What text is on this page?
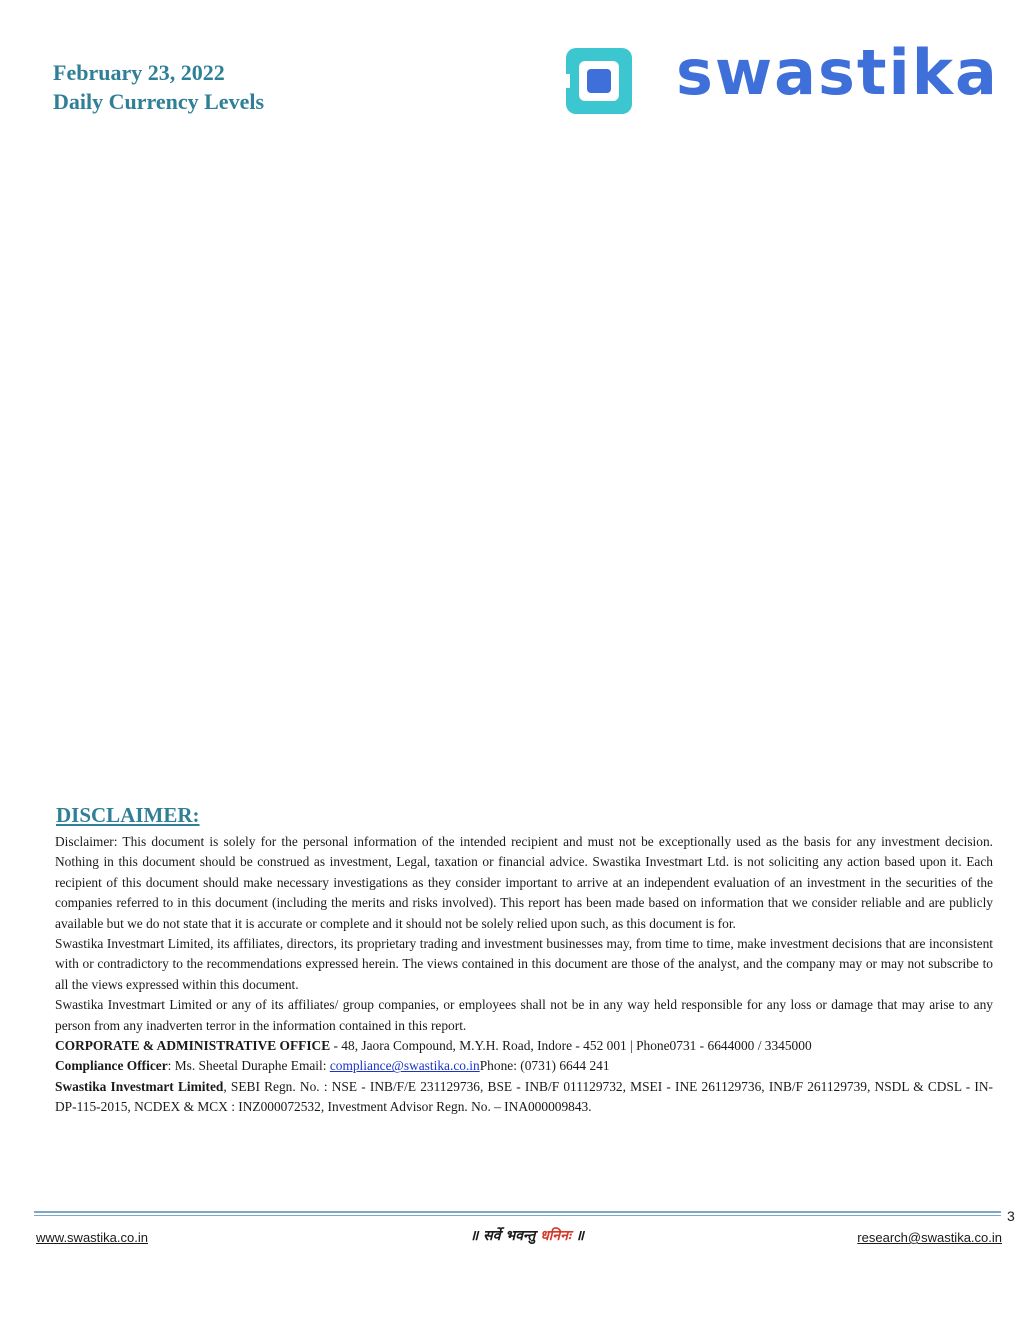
February 23, 2022
Daily Currency Levels	swastika
DISCLAIMER:

Disclaimer: This document is solely for the personal information of the intended recipient and must not be exceptionally used as the basis for any investment decision. Nothing in this document should be construed as investment, Legal, taxation or financial advice. Swastika Investmart Ltd. is not soliciting any action based upon it. Each recipient of this document should make necessary investigations as they consider important to arrive at an independent evaluation of an investment in the securities of the companies referred to in this document (including the merits and risks involved). This report has been made based on information that we consider reliable and are publicly available but we do not state that it is accurate or complete and it should not be solely relied upon such, as this document is for.

Swastika Investmart Limited, its affiliates, directors, its proprietary trading and investment businesses may, from time to time, make investment decisions that are inconsistent with or contradictory to the recommendations expressed herein. The views contained in this document are those of the analyst, and the company may or may not subscribe to all the views expressed within this document.

Swastika Investmart Limited or any of its affiliates/ group companies, or employees shall not be in any way held responsible for any loss or damage that may arise to any person from any inadverten terror in the information contained in this report.

CORPORATE & ADMINISTRATIVE OFFICE - 48, Jaora Compound, M.Y.H. Road, Indore - 452 001 | Phone0731 - 6644000 / 3345000

Compliance Officer: Ms. Sheetal Duraphe Email: compliance@swastika.co.inPhone: (0731) 6644 241

Swastika Investmart Limited, SEBI Regn. No. : NSE - INB/F/E 231129736, BSE - INB/F 011129732, MSEI - INE 261129736, INB/F 261129739, NSDL & CDSL - IN-DP-115-2015, NCDEX & MCX : INZ000072532, Investment Advisor Regn. No. – INA000009843.

3
www.swastika.co.in	॥ सर्वे भवन्तु धनिनः ॥	research@swastika.co.in
